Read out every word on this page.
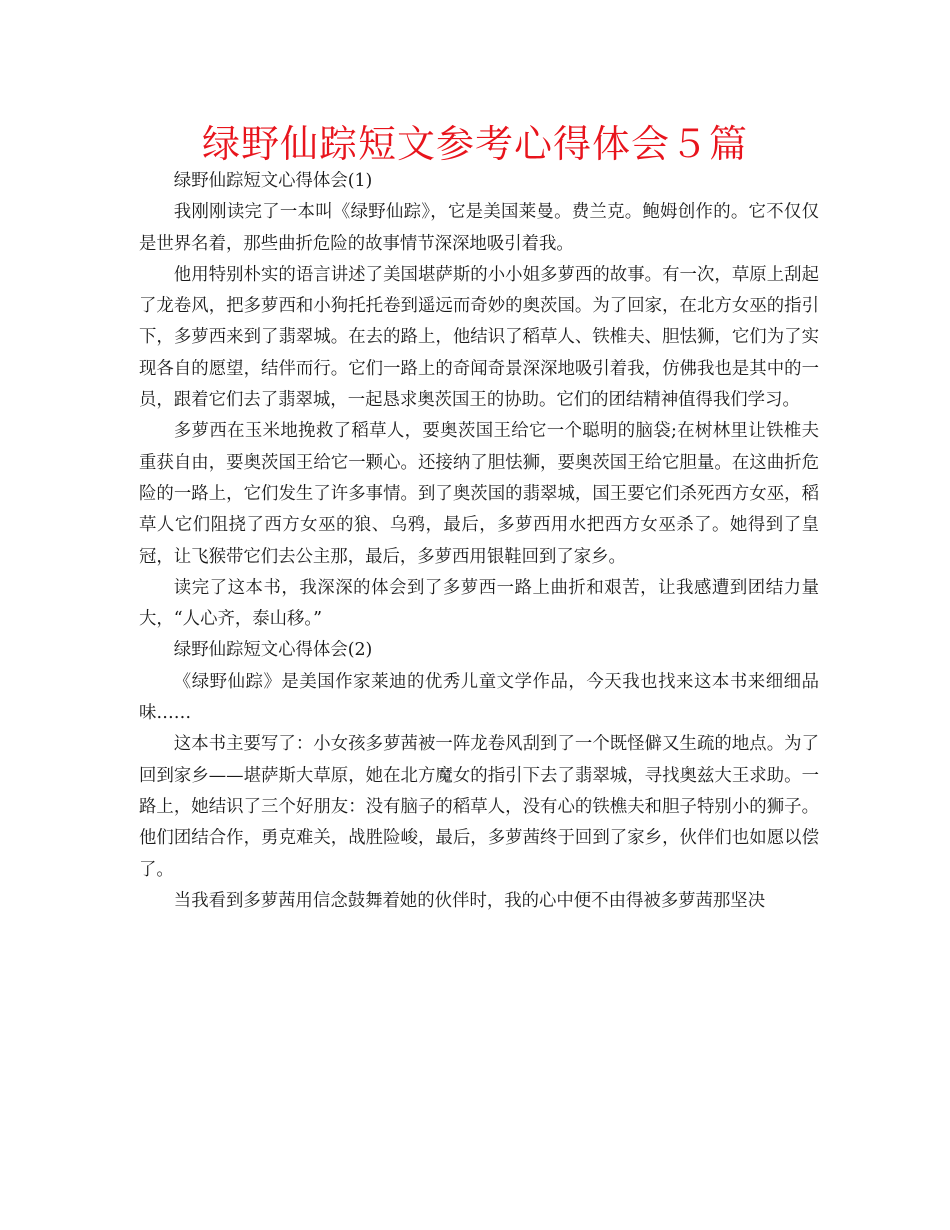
绿野仙踪短文参考心得体会５篇

绿野仙踪短文心得体会(1)

我刚刚读完了一本叫《绿野仙踪》，它是美国莱曼。费兰克。鲍姆创作的。它不仅仅是世界名着，那些曲折危险的故事情节深深地吸引着我。

他用特别朴实的语言讲述了美国堪萨斯的小小姐多萝西的故事。有一次，草原上刮起了龙卷风，把多萝西和小狗托托卷到遥远而奇妙的奥茨国。为了回家，在北方女巫的指引下，多萝西来到了翡翠城。在去的路上，他结识了稻草人、铁椎夫、胆怯狮，它们为了实现各自的愿望，结伴而行。它们一路上的奇闻奇景深深地吸引着我，仿佛我也是其中的一员，跟着它们去了翡翠城，一起恳求奥茨国王的协助。它们的团结精神值得我们学习。

多萝西在玉米地挽救了稻草人，要奥茨国王给它一个聪明的脑袋;在树林里让铁椎夫重获自由，要奥茨国王给它一颗心。还接纳了胆怯狮，要奥茨国王给它胆量。在这曲折危险的一路上，它们发生了许多事情。到了奥茨国的翡翠城，国王要它们杀死西方女巫，稻草人它们阻挠了西方女巫的狼、乌鸦，最后，多萝西用水把西方女巫杀了。她得到了皇冠，让飞猴带它们去公主那，最后，多萝西用银鞋回到了家乡。

读完了这本书，我深深的体会到了多萝西一路上曲折和艰苦，让我感遭到团结力量大，“人心齐，泰山移。”

绿野仙踪短文心得体会(2)

《绿野仙踪》是美国作家莱迪的优秀儿童文学作品，今天我也找来这本书来细细品味……

这本书主要写了：小女孩多萝茜被一阵龙卷风刮到了一个既怪僻又生疏的地点。为了回到家乡——堪萨斯大草原，她在北方魔女的指引下去了翡翠城，寻找奥兹大王求助。一路上，她结识了三个好朋友：没有脑子的稻草人，没有心的铁樵夫和胆子特别小的狮子。他们团结合作，勇克难关，战胜险峻，最后，多萝茜终于回到了家乡，伙伴们也如愿以偿了。

当我看到多萝茜用信念鼓舞着她的伙伴时，我的心中便不由得被多萝茜那坚决
